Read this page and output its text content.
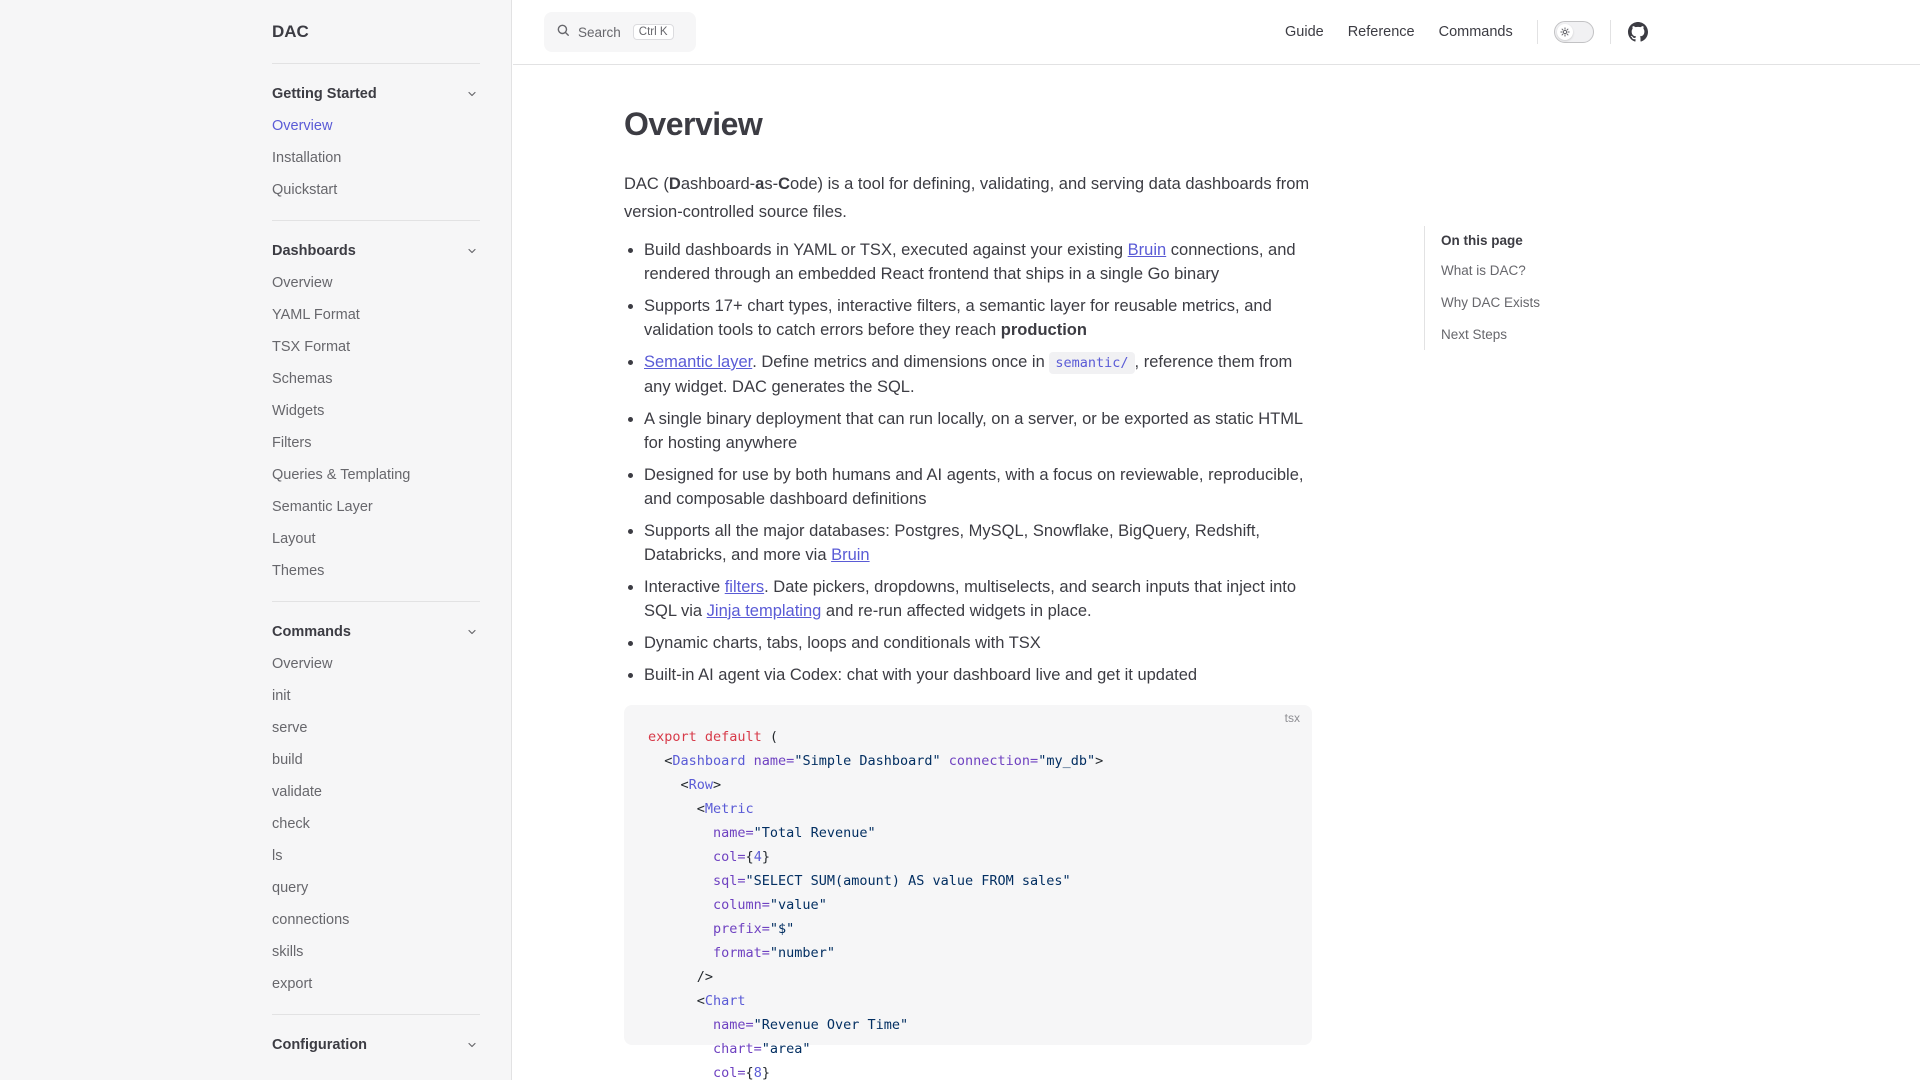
DAC
Getting Started
Overview
Installation
Quickstart
Dashboards
Overview
YAML Format
TSX Format
Schemas
Widgets
Filters
Queries & Templating
Semantic Layer
Layout
Themes
Commands
Overview
init
serve
build
validate
check
ls
query
connections
skills
export
Configuration
Search	Ctrl K	Guide Reference Commands
Overview

DAC (Dashboard-as-Code) is a tool for defining, validating, and serving data dashboards from version-controlled source files.

• Build dashboards in YAML or TSX, executed against your existing Bruin connections, and rendered through an embedded React frontend that ships in a single Go binary
• Supports 17+ chart types, interactive filters, a semantic layer for reusable metrics, and validation tools to catch errors before they reach production
• Semantic layer. Define metrics and dimensions once in semantic/ , reference them from any widget. DAC generates the SQL.
• A single binary deployment that can run locally, on a server, or be exported as static HTML for hosting anywhere
• Designed for use by both humans and AI agents, with a focus on reviewable, reproducible, and composable dashboard definitions
• Supports all the major databases: Postgres, MySQL, Snowflake, BigQuery, Redshift, Databricks, and more via Bruin
• Interactive filters. Date pickers, dropdowns, multiselects, and search inputs that inject into SQL via Jinja templating and re-run affected widgets in place.
• Dynamic charts, tabs, loops and conditionals with TSX
• Built-in AI agent via Codex: chat with your dashboard live and get it updated
tsx
export default (
<Dashboard name="Simple Dashboard" connection="my_db">
<Row>
<Metric
name="Total Revenue"
col={4}
sql="SELECT SUM(amount) AS value FROM sales"
column="value"
prefix="$"
format="number"
/>
<Chart
name="Revenue Over Time"
chart="area"
col={8}
On this page
What is DAC?
Why DAC Exists
Next Steps
